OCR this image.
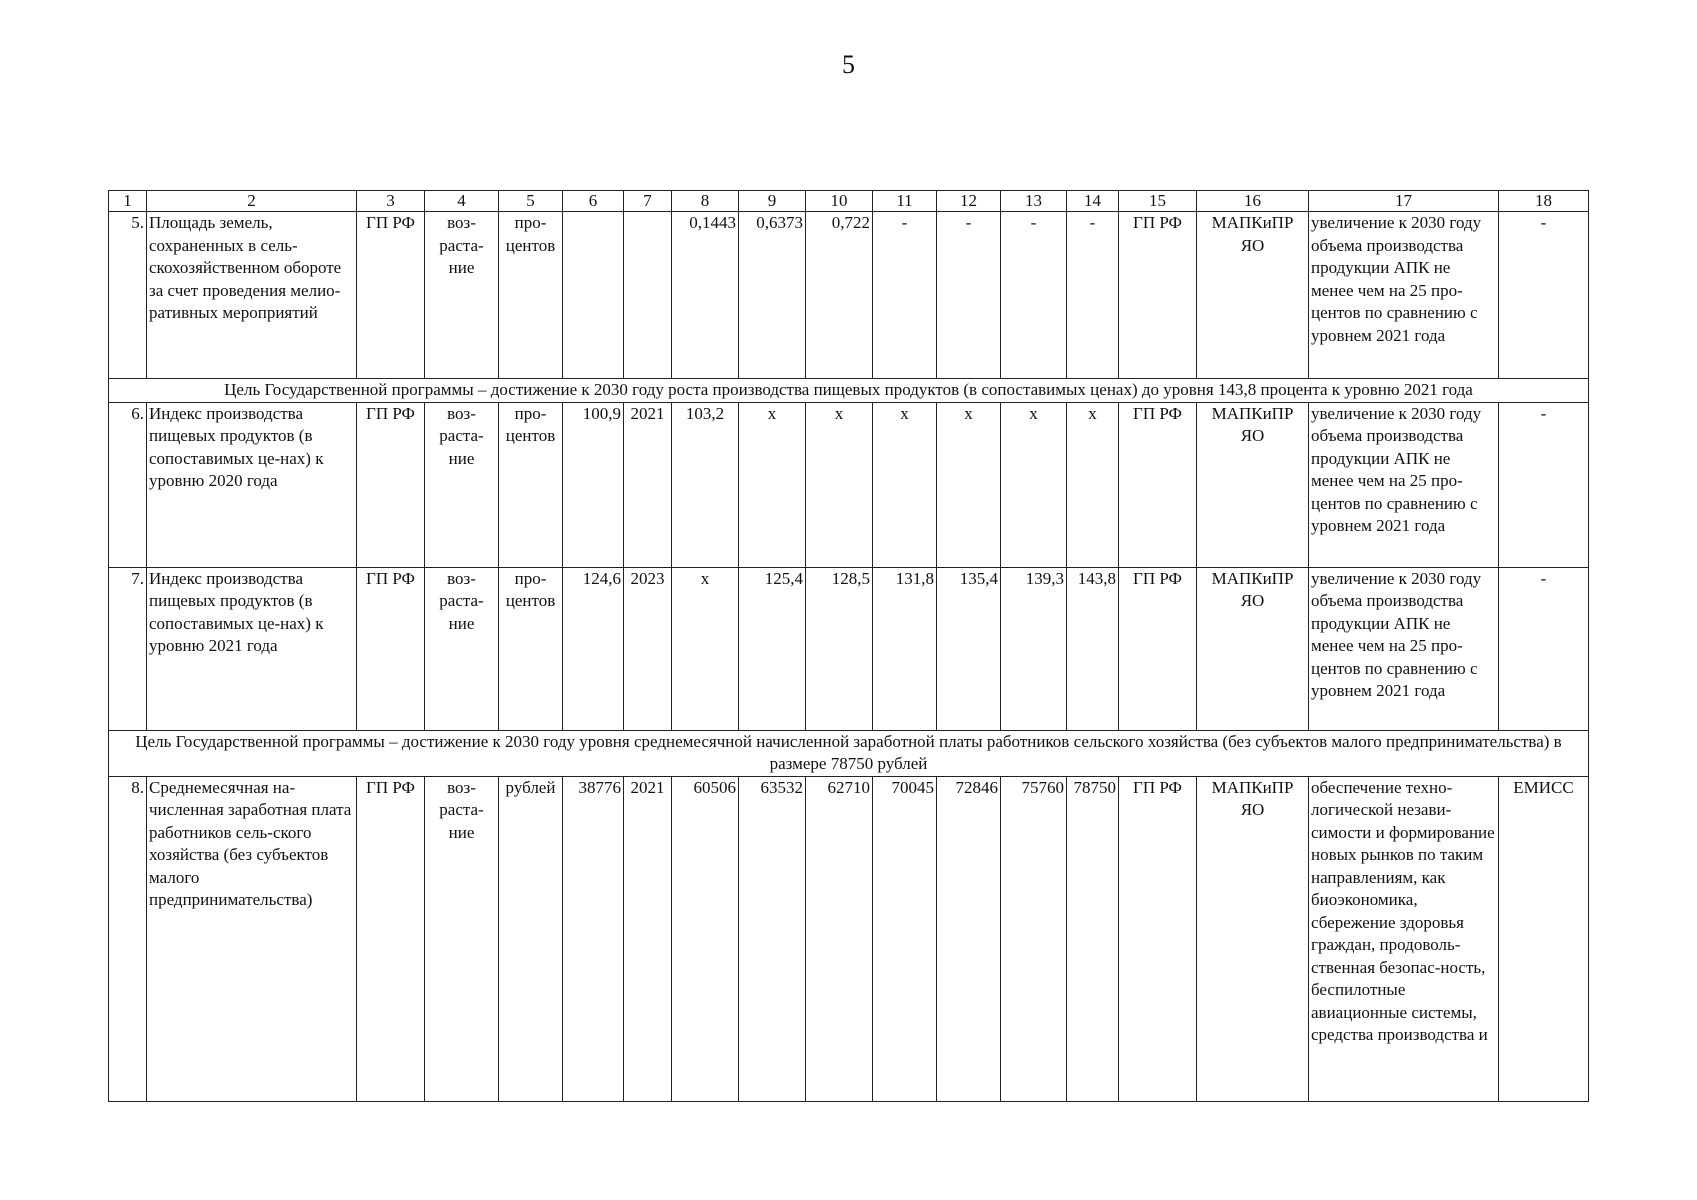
5
1	2	3	4	5	6	7	8	9	10	11	12	13	14	15	16	17	18
5.	Площадь земель, сохраненных в сель-скохозяйственном обороте за счет проведения мелио-ративных мероприятий	ГП РФ	воз-раста-ние	про-центов			0,1443	0,6373	0,722	-	-	-	-	ГП РФ	МАПКиПР ЯО	увеличение к 2030 году объема производства продукции АПК не менее чем на 25 про-центов по сравнению с уровнем 2021 года	-
Цель Государственной программы – достижение к 2030 году роста производства пищевых продуктов (в сопоставимых ценах) до уровня 143,8 процента к уровню 2021 года																	
6.	Индекс производства пищевых продуктов (в сопоставимых це-нах) к уровню 2020 года	ГП РФ	воз-раста-ние	про-центов	100,9	2021	103,2	x	x	x	x	x	x	ГП РФ	МАПКиПР ЯО	увеличение к 2030 году объема производства продукции АПК не менее чем на 25 про-центов по сравнению с уровнем 2021 года	-
7.	Индекс производства пищевых продуктов (в сопоставимых це-нах) к уровню 2021 года	ГП РФ	воз-раста-ние	про-центов	124,6	2023	x	125,4	128,5	131,8	135,4	139,3	143,8	ГП РФ	МАПКиПР ЯО	увеличение к 2030 году объема производства продукции АПК не менее чем на 25 про-центов по сравнению с уровнем 2021 года	-
Цель Государственной программы – достижение к 2030 году уровня среднемесячной начисленной заработной платы работников сельского хозяйства (без субъектов малого предпринимательства) в размере 78750 рублей																	
8.	Среднемесячная на-численная заработная плата работников сель-ского хозяйства (без субъектов малого предпринимательства)	ГП РФ	воз-раста-ние	рублей	38776	2021	60506	63532	62710	70045	72846	75760	78750	ГП РФ	МАПКиПР ЯО	обеспечение техно-логической незави-симости и формирование новых рынков по таким направлениям, как биоэкономика, сбережение здоровья граждан, продоволь-ственная безопас-ность, беспилотные авиационные системы, средства производства и	ЕМИСС
